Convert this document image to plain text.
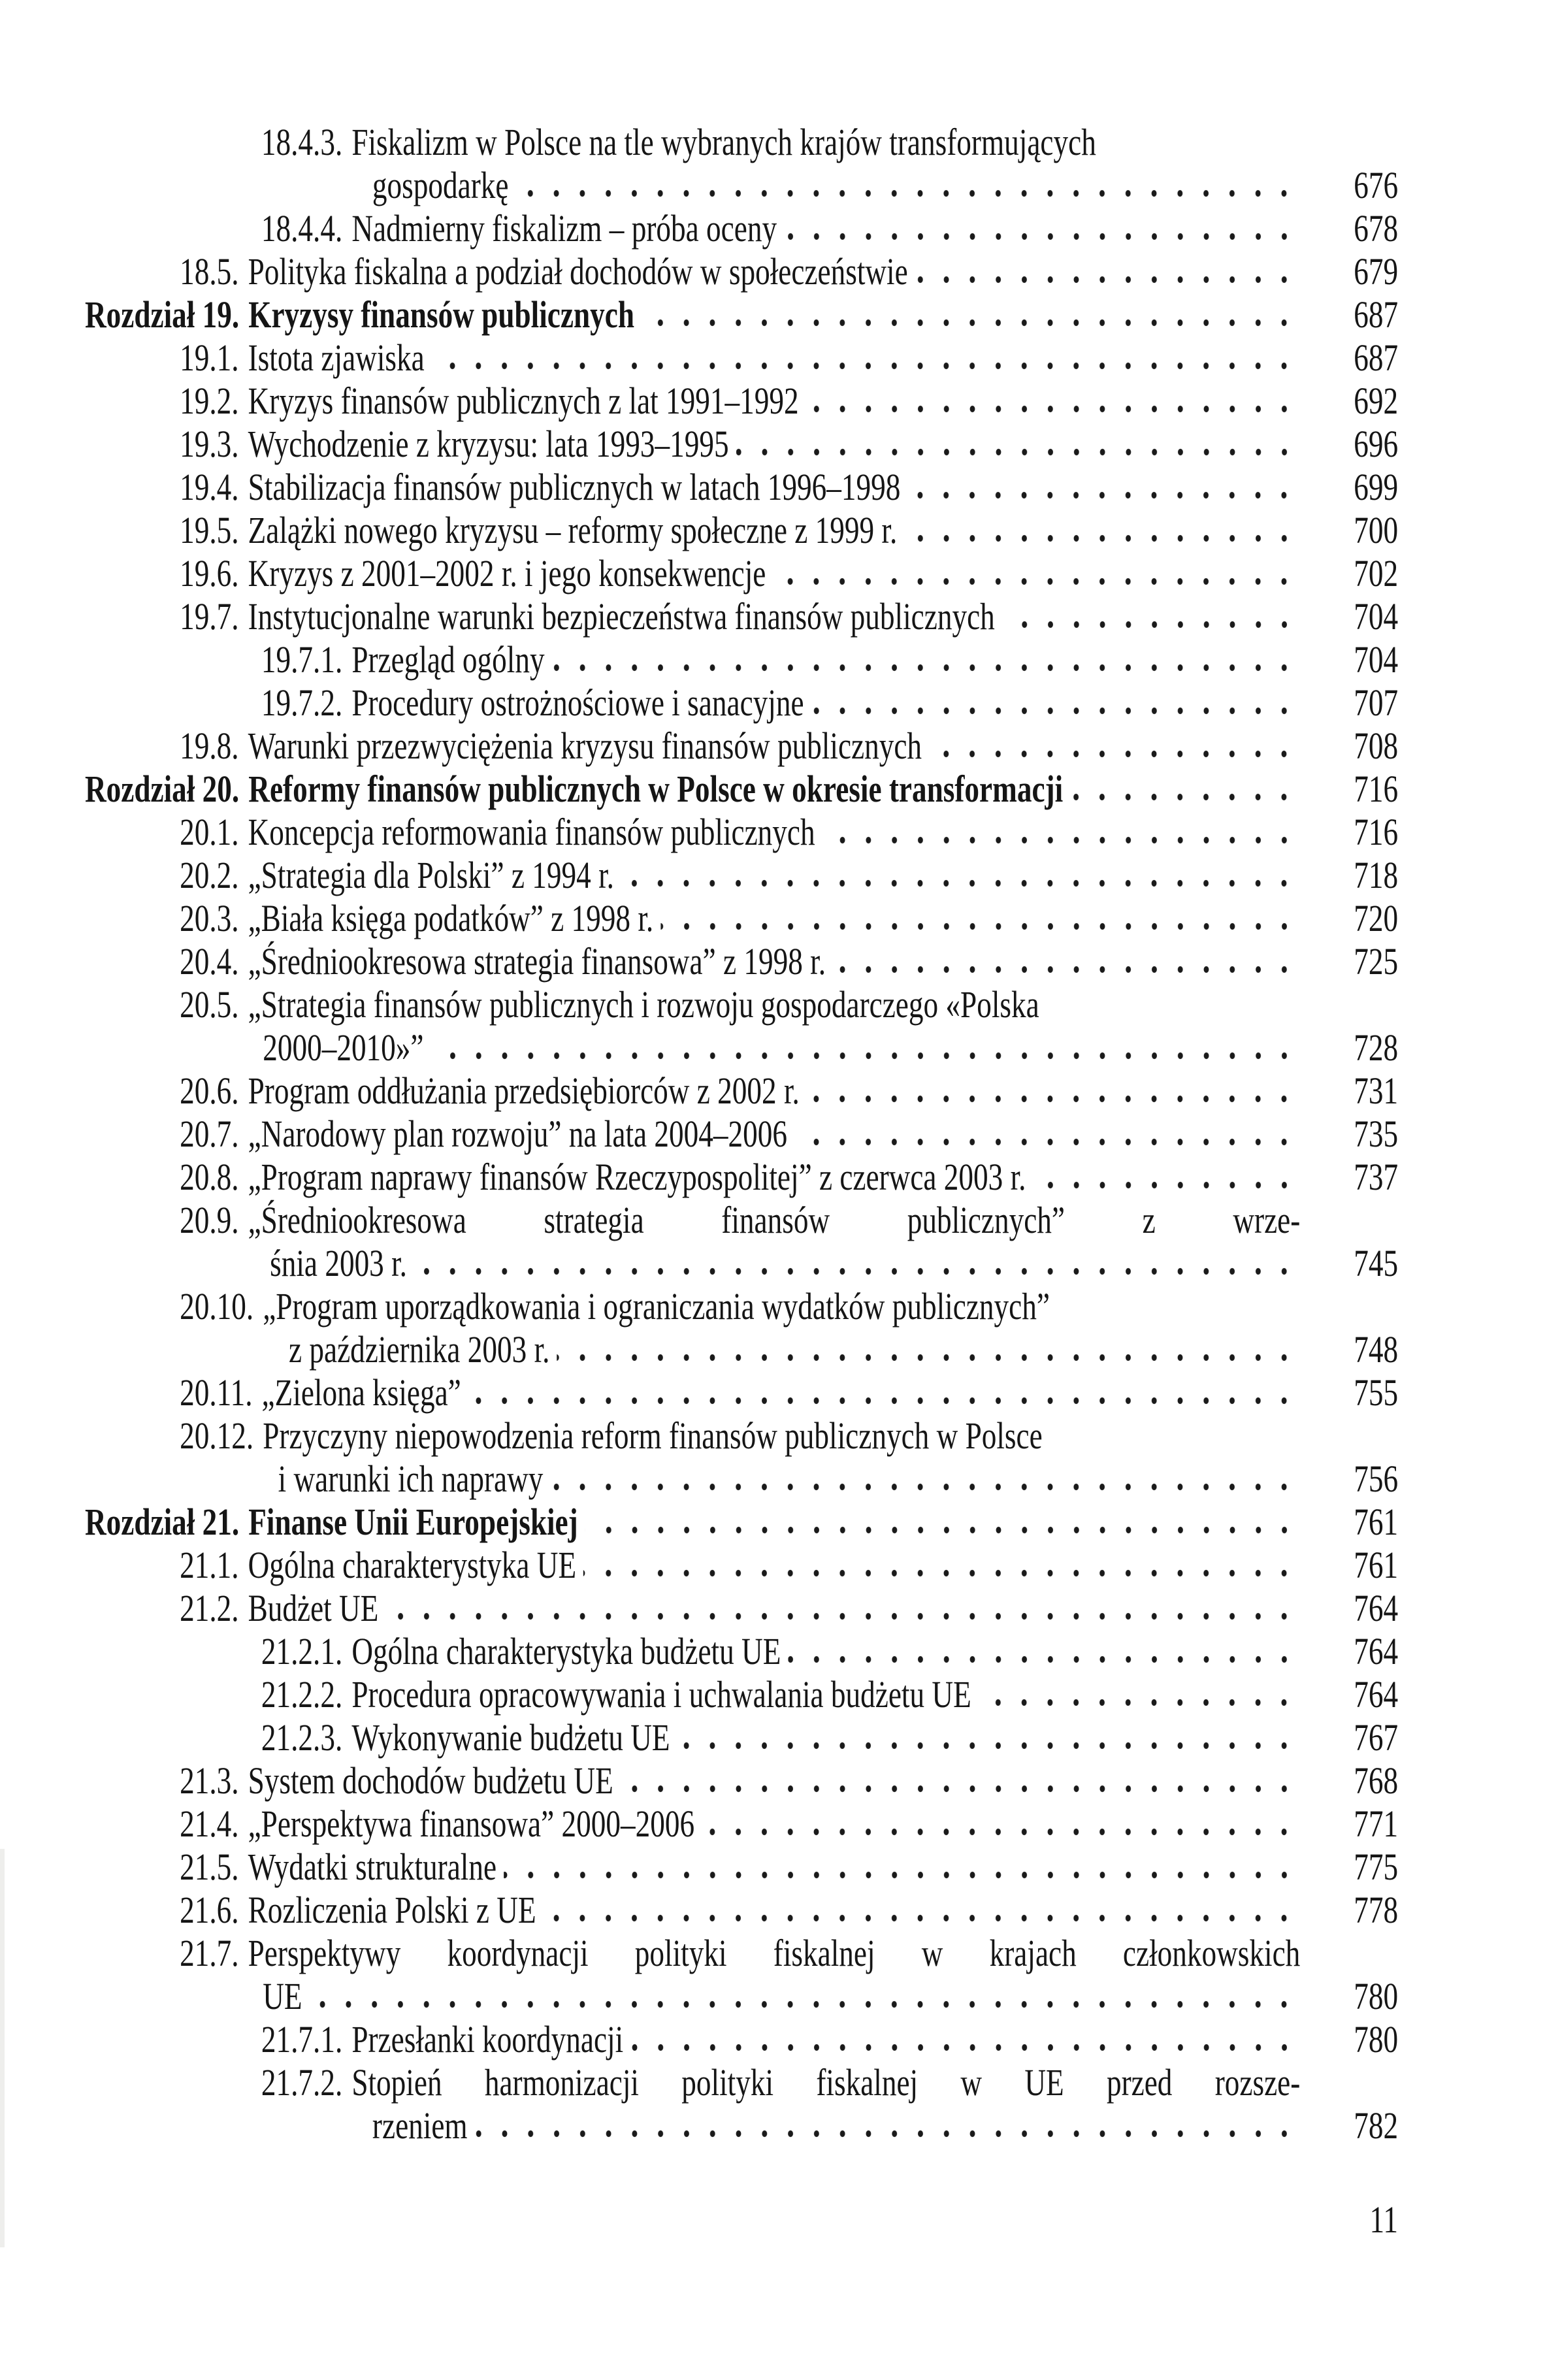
18.4.3. Fiskalizm w Polsce na tle wybranych krajów transformujących
gospodarkę	676
18.4.4. Nadmierny fiskalizm – próba oceny	678
18.5. Polityka fiskalna a podział dochodów w społeczeństwie	679
Rozdział 19. Kryzysy finansów publicznych	687
19.1. Istota zjawiska	687
19.2. Kryzys finansów publicznych z lat 1991–1992	692
19.3. Wychodzenie z kryzysu: lata 1993–1995	696
19.4. Stabilizacja finansów publicznych w latach 1996–1998	699
19.5. Zalążki nowego kryzysu – reformy społeczne z 1999 r.	700
19.6. Kryzys z 2001–2002 r. i jego konsekwencje	702
19.7. Instytucjonalne warunki bezpieczeństwa finansów publicznych	704
19.7.1. Przegląd ogólny	704
19.7.2. Procedury ostrożnościowe i sanacyjne	707
19.8. Warunki przezwyciężenia kryzysu finansów publicznych	708
Rozdział 20. Reformy finansów publicznych w Polsce w okresie transformacji	716
20.1. Koncepcja reformowania finansów publicznych	716
20.2. „Strategia dla Polski” z 1994 r.	718
20.3. „Biała księga podatków” z 1998 r.	720
20.4. „Średniookresowa strategia finansowa” z 1998 r.	725
20.5. „Strategia finansów publicznych i rozwoju gospodarczego «Polska
2000–2010»”	728
20.6. Program oddłużania przedsiębiorców z 2002 r.	731
20.7. „Narodowy plan rozwoju” na lata 2004–2006	735
20.8. „Program naprawy finansów Rzeczypospolitej” z czerwca 2003 r.	737
20.9. „Średniookresowa strategia finansów publicznych” z wrze-
śnia 2003 r.	745
20.10. „Program uporządkowania i ograniczania wydatków publicznych”
z października 2003 r.	748
20.11. „Zielona księga”	755
20.12. Przyczyny niepowodzenia reform finansów publicznych w Polsce
i warunki ich naprawy	756
Rozdział 21. Finanse Unii Europejskiej	761
21.1. Ogólna charakterystyka UE	761
21.2. Budżet UE	764
21.2.1. Ogólna charakterystyka budżetu UE	764
21.2.2. Procedura opracowywania i uchwalania budżetu UE	764
21.2.3. Wykonywanie budżetu UE	767
21.3. System dochodów budżetu UE	768
21.4. „Perspektywa finansowa” 2000–2006	771
21.5. Wydatki strukturalne	775
21.6. Rozliczenia Polski z UE	778
21.7. Perspektywy koordynacji polityki fiskalnej w krajach członkowskich
UE	780
21.7.1. Przesłanki koordynacji	780
21.7.2. Stopień harmonizacji polityki fiskalnej w UE przed rozsze-
rzeniem	782
11
